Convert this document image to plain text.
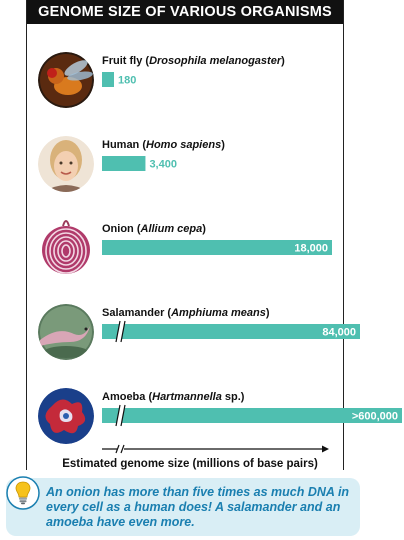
GENOME SIZE OF VARIOUS ORGANISMS
Fruit fly (Drosophila melanogaster)
180
Human (Homo sapiens)
3,400
Onion (Allium cepa)
18,000
Salamander (Amphiuma means)
84,000
Amoeba (Hartmannella sp.)
>600,000
Estimated genome size (millions of base pairs)
An onion has more than five times as much DNA in every cell as a human does! A salamander and an amoeba have even more.
